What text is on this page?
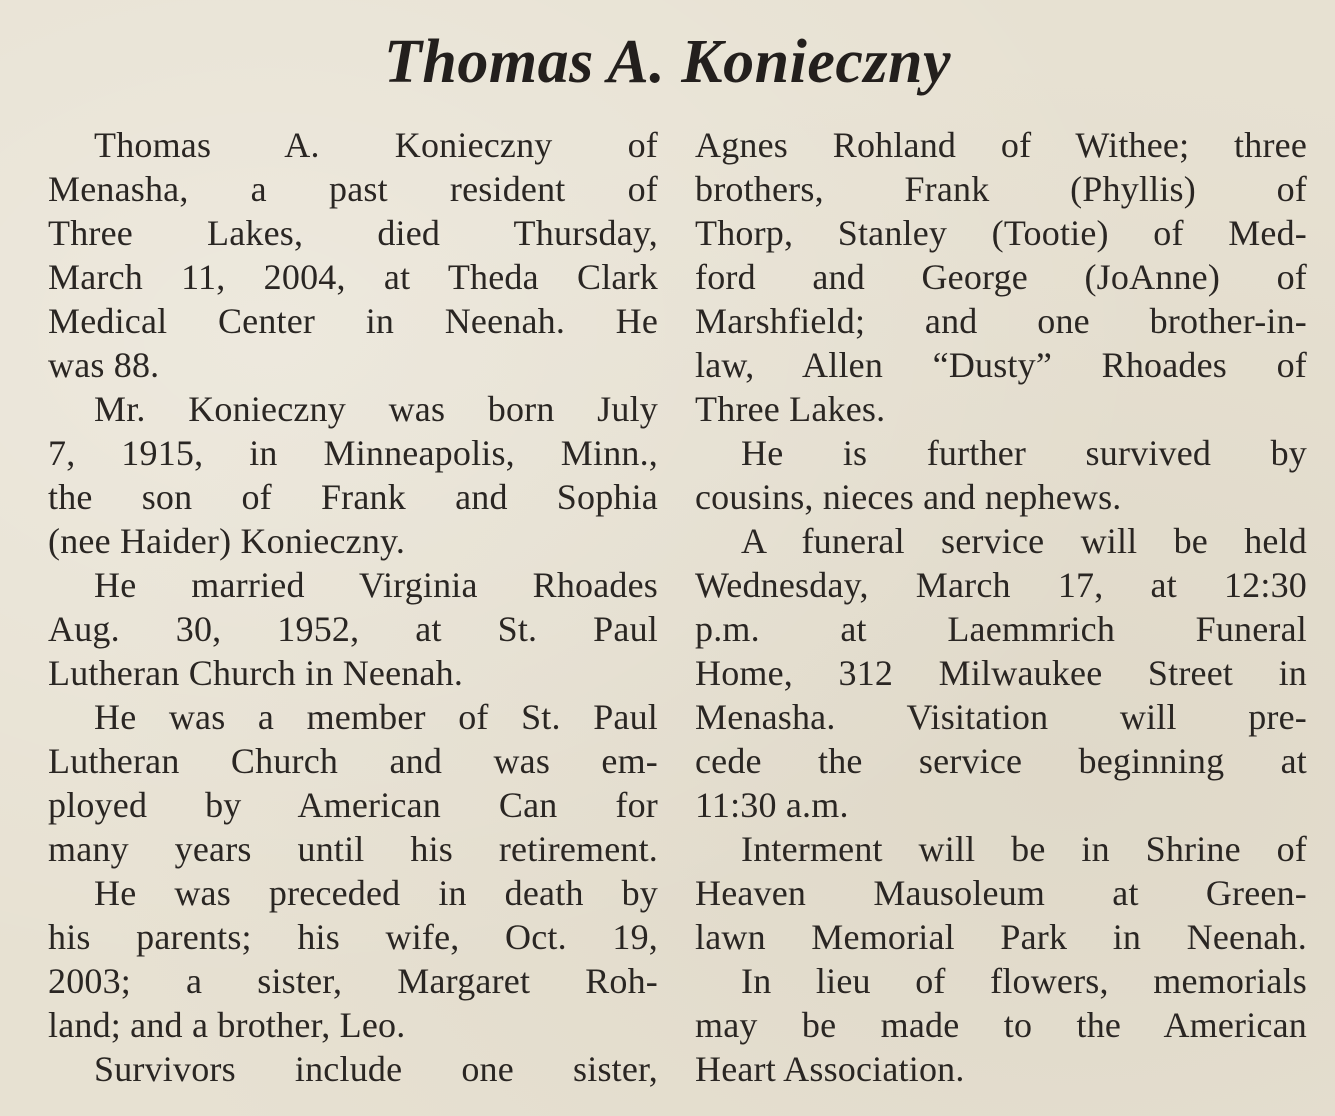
Thomas A. Konieczny
Thomas A. Konieczny of
Menasha, a past resident of
Three Lakes, died Thursday,
March 11, 2004, at Theda Clark
Medical Center in Neenah. He
was 88.
Mr. Konieczny was born July
7, 1915, in Minneapolis, Minn.,
the son of Frank and Sophia
(nee Haider) Konieczny.
He married Virginia Rhoades
Aug. 30, 1952, at St. Paul
Lutheran Church in Neenah.
He was a member of St. Paul
Lutheran Church and was em-
ployed by American Can for
many years until his retirement.
He was preceded in death by
his parents; his wife, Oct. 19,
2003; a sister, Margaret Roh-
land; and a brother, Leo.
Survivors include one sister,
Agnes Rohland of Withee; three
brothers, Frank (Phyllis) of
Thorp, Stanley (Tootie) of Med-
ford and George (JoAnne) of
Marshfield; and one brother-in-
law, Allen “Dusty” Rhoades of
Three Lakes.
He is further survived by
cousins, nieces and nephews.
A funeral service will be held
Wednesday, March 17, at 12:30
p.m. at Laemmrich Funeral
Home, 312 Milwaukee Street in
Menasha. Visitation will pre-
cede the service beginning at
11:30 a.m.
Interment will be in Shrine of
Heaven Mausoleum at Green-
lawn Memorial Park in Neenah.
In lieu of flowers, memorials
may be made to the American
Heart Association.
